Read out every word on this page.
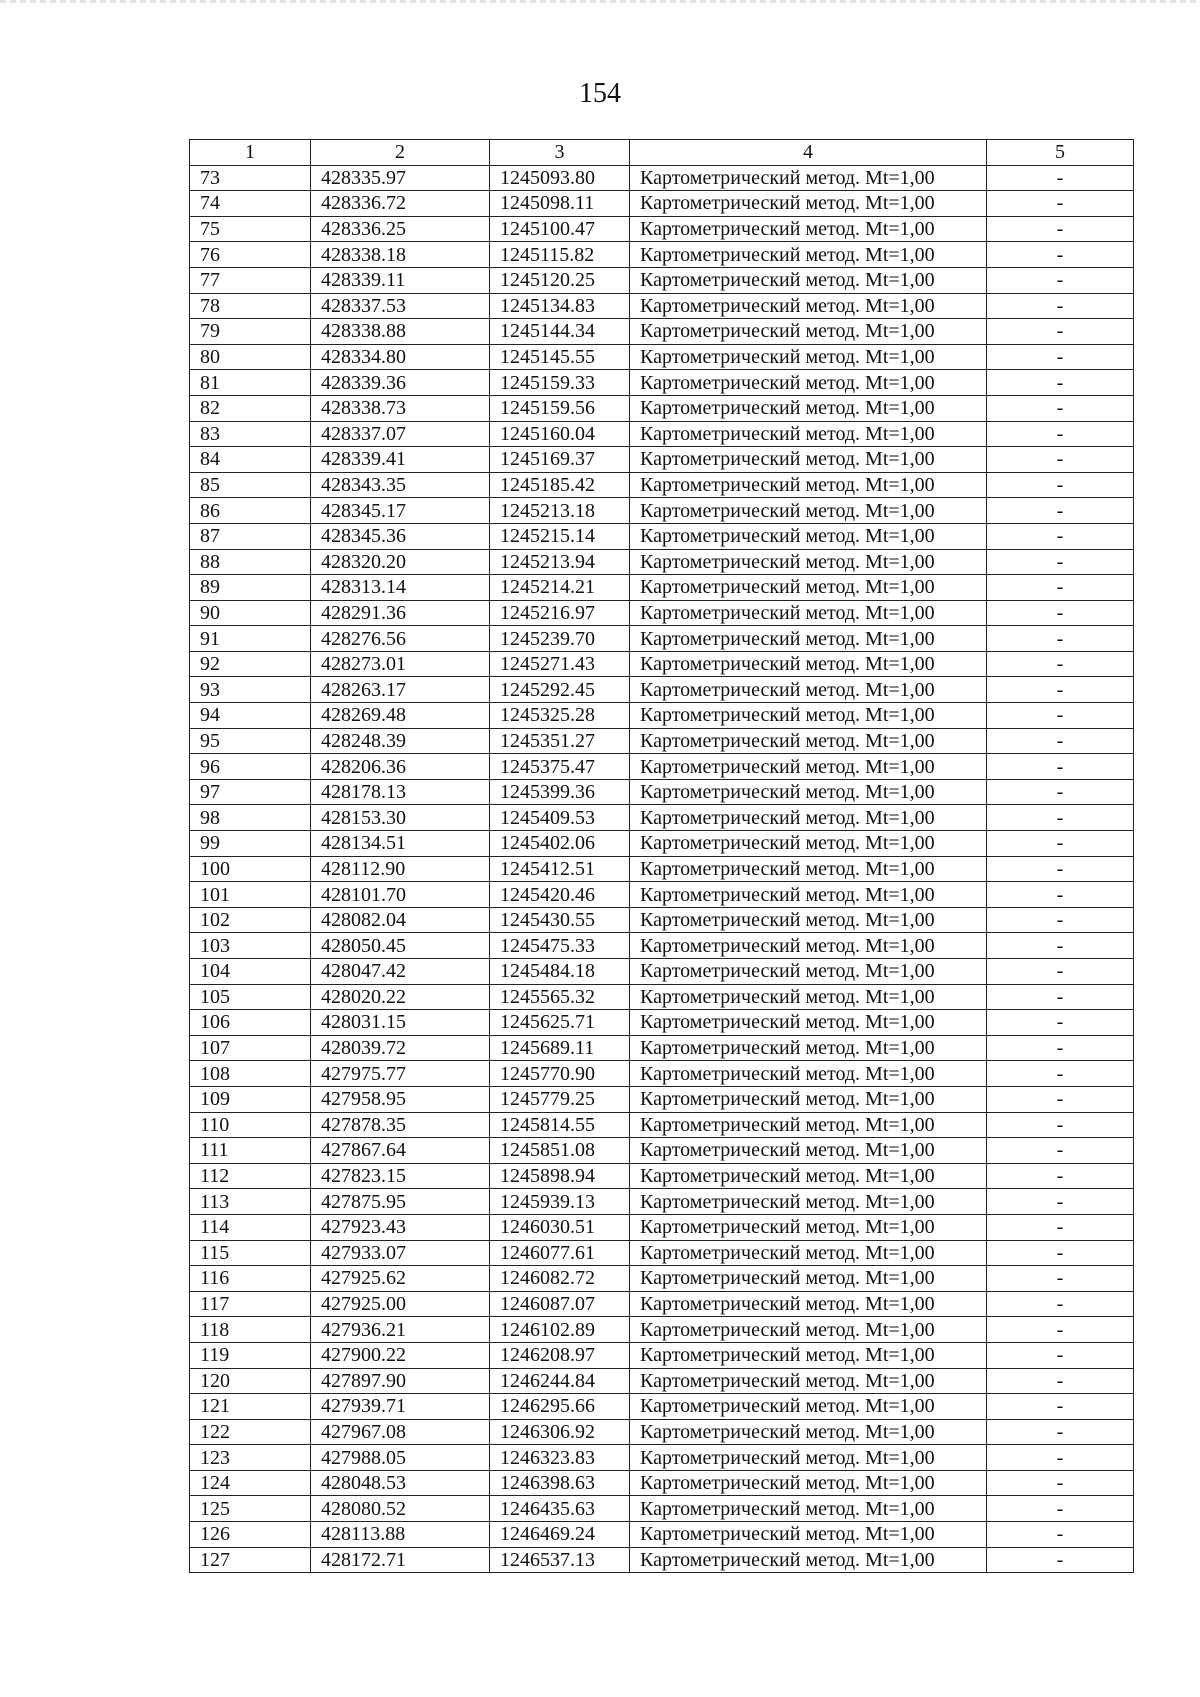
154
1	2	3	4	5
73	428335.97	1245093.80	Картометрический метод. Mt=1,00	-
74	428336.72	1245098.11	Картометрический метод. Mt=1,00	-
75	428336.25	1245100.47	Картометрический метод. Mt=1,00	-
76	428338.18	1245115.82	Картометрический метод. Mt=1,00	-
77	428339.11	1245120.25	Картометрический метод. Mt=1,00	-
78	428337.53	1245134.83	Картометрический метод. Mt=1,00	-
79	428338.88	1245144.34	Картометрический метод. Mt=1,00	-
80	428334.80	1245145.55	Картометрический метод. Mt=1,00	-
81	428339.36	1245159.33	Картометрический метод. Mt=1,00	-
82	428338.73	1245159.56	Картометрический метод. Mt=1,00	-
83	428337.07	1245160.04	Картометрический метод. Mt=1,00	-
84	428339.41	1245169.37	Картометрический метод. Mt=1,00	-
85	428343.35	1245185.42	Картометрический метод. Mt=1,00	-
86	428345.17	1245213.18	Картометрический метод. Mt=1,00	-
87	428345.36	1245215.14	Картометрический метод. Mt=1,00	-
88	428320.20	1245213.94	Картометрический метод. Mt=1,00	-
89	428313.14	1245214.21	Картометрический метод. Mt=1,00	-
90	428291.36	1245216.97	Картометрический метод. Mt=1,00	-
91	428276.56	1245239.70	Картометрический метод. Mt=1,00	-
92	428273.01	1245271.43	Картометрический метод. Mt=1,00	-
93	428263.17	1245292.45	Картометрический метод. Mt=1,00	-
94	428269.48	1245325.28	Картометрический метод. Mt=1,00	-
95	428248.39	1245351.27	Картометрический метод. Mt=1,00	-
96	428206.36	1245375.47	Картометрический метод. Mt=1,00	-
97	428178.13	1245399.36	Картометрический метод. Mt=1,00	-
98	428153.30	1245409.53	Картометрический метод. Mt=1,00	-
99	428134.51	1245402.06	Картометрический метод. Mt=1,00	-
100	428112.90	1245412.51	Картометрический метод. Mt=1,00	-
101	428101.70	1245420.46	Картометрический метод. Mt=1,00	-
102	428082.04	1245430.55	Картометрический метод. Mt=1,00	-
103	428050.45	1245475.33	Картометрический метод. Mt=1,00	-
104	428047.42	1245484.18	Картометрический метод. Mt=1,00	-
105	428020.22	1245565.32	Картометрический метод. Mt=1,00	-
106	428031.15	1245625.71	Картометрический метод. Mt=1,00	-
107	428039.72	1245689.11	Картометрический метод. Mt=1,00	-
108	427975.77	1245770.90	Картометрический метод. Mt=1,00	-
109	427958.95	1245779.25	Картометрический метод. Mt=1,00	-
110	427878.35	1245814.55	Картометрический метод. Mt=1,00	-
111	427867.64	1245851.08	Картометрический метод. Mt=1,00	-
112	427823.15	1245898.94	Картометрический метод. Mt=1,00	-
113	427875.95	1245939.13	Картометрический метод. Mt=1,00	-
114	427923.43	1246030.51	Картометрический метод. Mt=1,00	-
115	427933.07	1246077.61	Картометрический метод. Mt=1,00	-
116	427925.62	1246082.72	Картометрический метод. Mt=1,00	-
117	427925.00	1246087.07	Картометрический метод. Mt=1,00	-
118	427936.21	1246102.89	Картометрический метод. Mt=1,00	-
119	427900.22	1246208.97	Картометрический метод. Mt=1,00	-
120	427897.90	1246244.84	Картометрический метод. Mt=1,00	-
121	427939.71	1246295.66	Картометрический метод. Mt=1,00	-
122	427967.08	1246306.92	Картометрический метод. Mt=1,00	-
123	427988.05	1246323.83	Картометрический метод. Mt=1,00	-
124	428048.53	1246398.63	Картометрический метод. Mt=1,00	-
125	428080.52	1246435.63	Картометрический метод. Mt=1,00	-
126	428113.88	1246469.24	Картометрический метод. Mt=1,00	-
127	428172.71	1246537.13	Картометрический метод. Mt=1,00	-
